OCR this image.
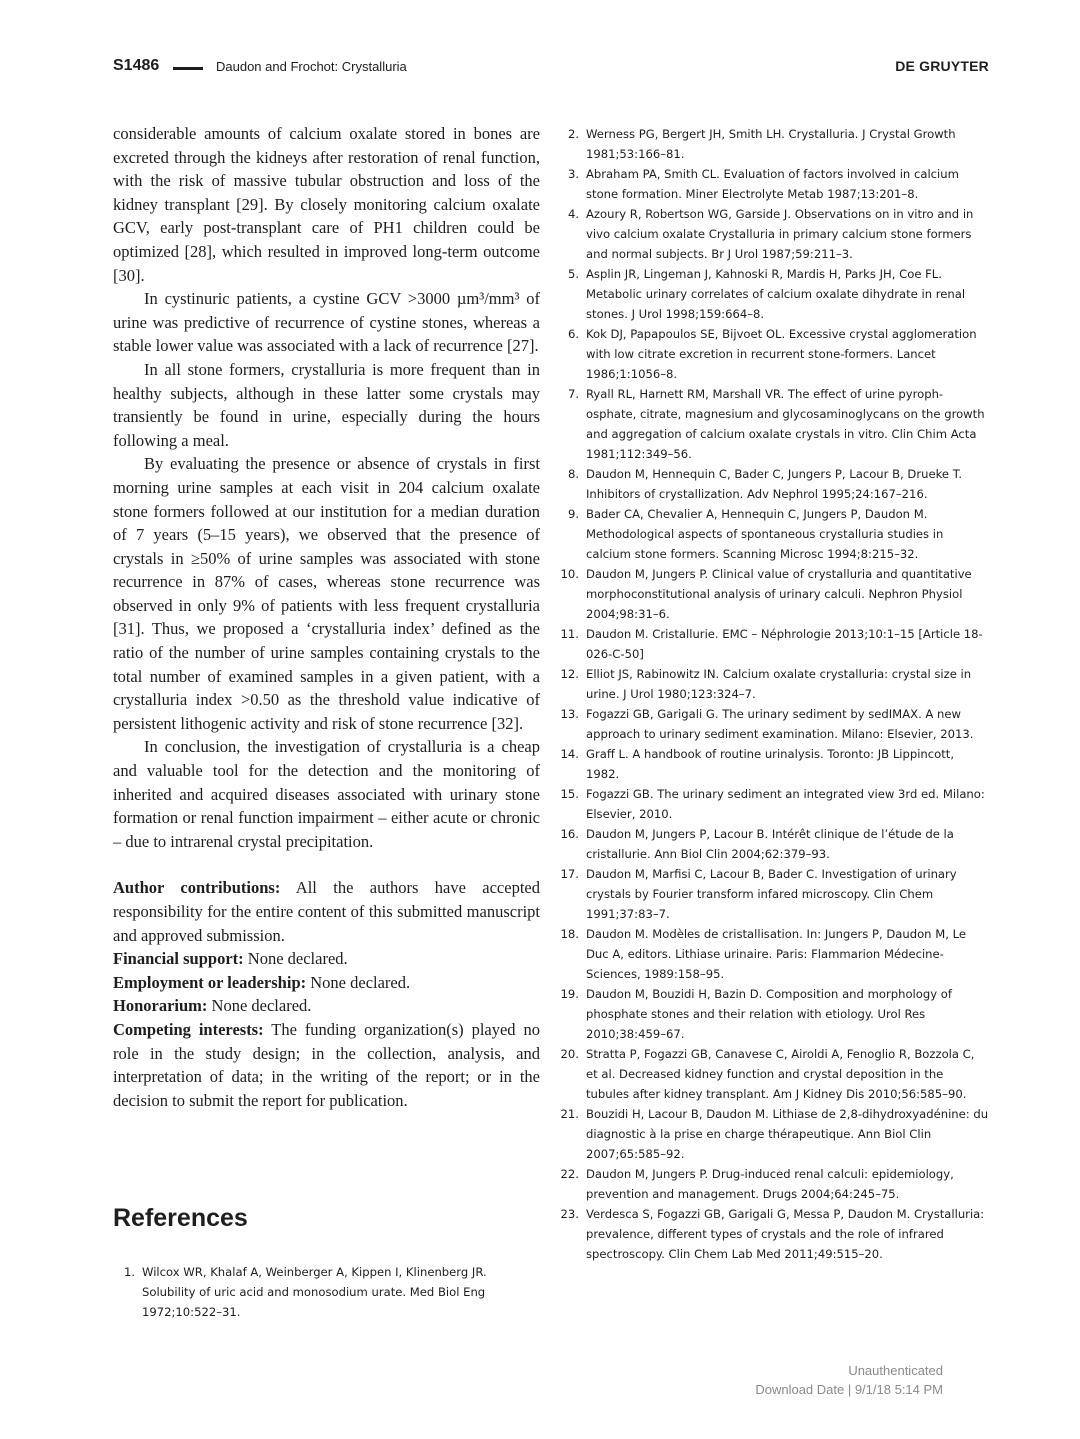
S1486	Daudon and Frochot: Crystalluria	DE GRUYTER

considerable amounts of calcium oxalate stored in bones are excreted through the kidneys after restoration of renal function, with the risk of massive tubular obstruction and loss of the kidney transplant [29]. By closely monitoring calcium oxalate GCV, early post-transplant care of PH1 children could be optimized [28], which resulted in improved long-term outcome [30].

In cystinuric patients, a cystine GCV >3000 µm³/mm³ of urine was predictive of recurrence of cystine stones, whereas a stable lower value was associated with a lack of recurrence [27].

In all stone formers, crystalluria is more frequent than in healthy subjects, although in these latter some crystals may transiently be found in urine, especially during the hours following a meal.

By evaluating the presence or absence of crystals in first morning urine samples at each visit in 204 calcium oxalate stone formers followed at our institution for a median duration of 7 years (5–15 years), we observed that the presence of crystals in ≥50% of urine samples was associated with stone recurrence in 87% of cases, whereas stone recurrence was observed in only 9% of patients with less frequent crystalluria [31]. Thus, we proposed a ‘crystalluria index’ defined as the ratio of the number of urine samples containing crystals to the total number of examined samples in a given patient, with a crystalluria index >0.50 as the threshold value indicative of persistent lithogenic activity and risk of stone recurrence [32].

In conclusion, the investigation of crystalluria is a cheap and valuable tool for the detection and the monitoring of inherited and acquired diseases associated with urinary stone formation or renal function impairment – either acute or chronic – due to intrarenal crystal precipitation.

Author contributions: All the authors have accepted responsibility for the entire content of this submitted manuscript and approved submission.

Financial support: None declared.

Employment or leadership: None declared.

Honorarium: None declared.

Competing interests: The funding organization(s) played no role in the study design; in the collection, analysis, and interpretation of data; in the writing of the report; or in the decision to submit the report for publication.

References
1. Wilcox WR, Khalaf A, Weinberger A, Kippen I, Klinenberg JR. Solubility of uric acid and monosodium urate. Med Biol Eng 1972;10:522–31.
2. Werness PG, Bergert JH, Smith LH. Crystalluria. J Crystal Growth 1981;53:166–81.
3. Abraham PA, Smith CL. Evaluation of factors involved in calcium stone formation. Miner Electrolyte Metab 1987;13:201–8.
4. Azoury R, Robertson WG, Garside J. Observations on in vitro and in vivo calcium oxalate Crystalluria in primary calcium stone formers and normal subjects. Br J Urol 1987;59:211–3.
5. Asplin JR, Lingeman J, Kahnoski R, Mardis H, Parks JH, Coe FL. Metabolic urinary correlates of calcium oxalate dihydrate in renal stones. J Urol 1998;159:664–8.
6. Kok DJ, Papapoulos SE, Bijvoet OL. Excessive crystal agglomeration with low citrate excretion in recurrent stone-formers. Lancet 1986;1:1056–8.
7. Ryall RL, Harnett RM, Marshall VR. The effect of urine pyrophosphate, citrate, magnesium and glycosaminoglycans on the growth and aggregation of calcium oxalate crystals in vitro. Clin Chim Acta 1981;112:349–56.
8. Daudon M, Hennequin C, Bader C, Jungers P, Lacour B, Drueke T. Inhibitors of crystallization. Adv Nephrol 1995;24:167–216.
9. Bader CA, Chevalier A, Hennequin C, Jungers P, Daudon M. Methodological aspects of spontaneous crystalluria studies in calcium stone formers. Scanning Microsc 1994;8:215–32.
10. Daudon M, Jungers P. Clinical value of crystalluria and quantitative morphoconstitutional analysis of urinary calculi. Nephron Physiol 2004;98:31–6.
11. Daudon M. Cristallurie. EMC – Néphrologie 2013;10:1–15 [Article 18-026-C-50]
12. Elliot JS, Rabinowitz IN. Calcium oxalate crystalluria: crystal size in urine. J Urol 1980;123:324–7.
13. Fogazzi GB, Garigali G. The urinary sediment by sedIMAX. A new approach to urinary sediment examination. Milano: Elsevier, 2013.
14. Graff L. A handbook of routine urinalysis. Toronto: JB Lippincott, 1982.
15. Fogazzi GB. The urinary sediment an integrated view 3rd ed. Milano: Elsevier, 2010.
16. Daudon M, Jungers P, Lacour B. Intérêt clinique de l’étude de la cristallurie. Ann Biol Clin 2004;62:379–93.
17. Daudon M, Marfisi C, Lacour B, Bader C. Investigation of urinary crystals by Fourier transform infared microscopy. Clin Chem 1991;37:83–7.
18. Daudon M. Modèles de cristallisation. In: Jungers P, Daudon M, Le Duc A, editors. Lithiase urinaire. Paris: Flammarion Médecine-Sciences, 1989:158–95.
19. Daudon M, Bouzidi H, Bazin D. Composition and morphology of phosphate stones and their relation with etiology. Urol Res 2010;38:459–67.
20. Stratta P, Fogazzi GB, Canavese C, Airoldi A, Fenoglio R, Bozzola C, et al. Decreased kidney function and crystal deposition in the tubules after kidney transplant. Am J Kidney Dis 2010;56:585–90.
21. Bouzidi H, Lacour B, Daudon M. Lithiase de 2,8-dihydroxyadénine: du diagnostic à la prise en charge thérapeutique. Ann Biol Clin 2007;65:585–92.
22. Daudon M, Jungers P. Drug-induced renal calculi: epidemiology, prevention and management. Drugs 2004;64:245–75.
23. Verdesca S, Fogazzi GB, Garigali G, Messa P, Daudon M. Crystalluria: prevalence, different types of crystals and the role of infrared spectroscopy. Clin Chem Lab Med 2011;49:515–20.
Unauthenticated
Download Date | 9/1/18 5:14 PM
